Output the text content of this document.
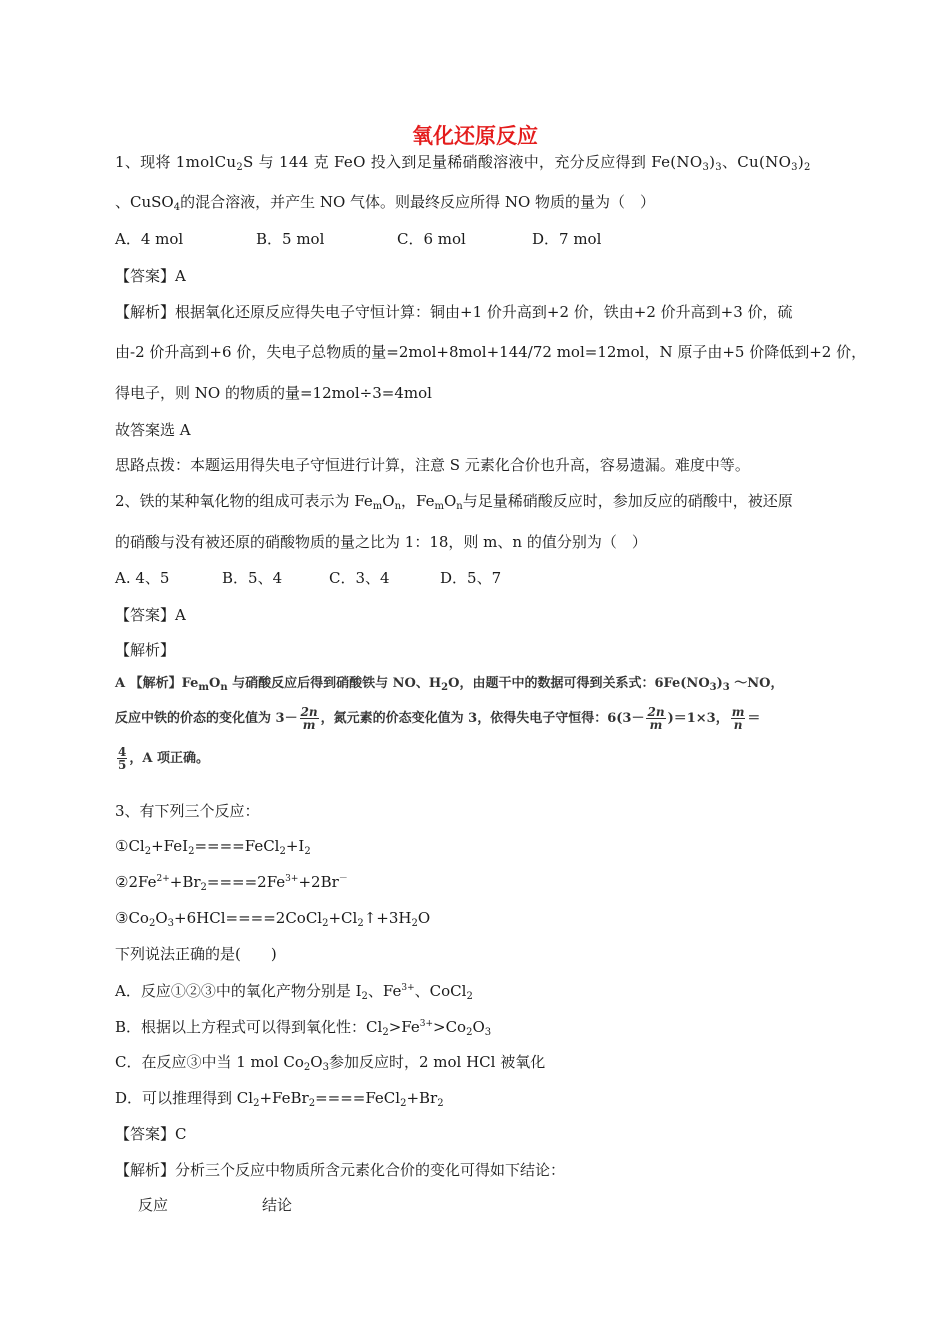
氧化还原反应
1、现将 1molCu$_2$S 与 144 克 FeO 投入到足量稀硝酸溶液中，充分反应得到 $Fe(NO_3)_3$、$Cu(NO_3)_2$
、CuSO$_4$的混合溶液，并产生 NO 气体。则最终反应所得 NO 物质的量为（　）
A．4 mol	B．5 mol	C．6 mol	D．7 mol
【答案】A
【解析】根据氧化还原反应得失电子守恒计算：铜由+1 价升高到+2 价，铁由+2 价升高到+3 价，硫
由-2 价升高到+6 价，失电子总物质的量=2mol+8mol+144/72 mol=12mol，N 原子由+5 价降低到+2 价，
得电子，则 NO 的物质的量=12mol÷3=4mol
故答案选 A
思路点拨：本题运用得失电子守恒进行计算，注意 S 元素化合价也升高，容易遗漏。难度中等。
2、铁的某种氧化物的组成可表示为 $Fe_mO_n$，$Fe_mO_n$与足量稀硝酸反应时，参加反应的硝酸中，被还原
的硝酸与没有被还原的硝酸物质的量之比为 1：18，则 m、n 的值分别为（　）
A. 4、5	B．5、4	C．3、4	D．5、7
【答案】A
【解析】
A 【解析】$Fe_mO_n$ 与硝酸反应后得到硝酸铁与 NO、$H_2O$，由题干中的数据可得到关系式：$6Fe(NO_3)_3$ ～NO，
反应中铁的价态的变化值为 $3- \frac{2n}{m}$ ，氮元素的价态变化值为 3，依得失电子守恒得：$6(3- \frac{2n}{m} )=1\times 3$， $\frac{m}{n}$ ＝
$\frac{4}{5}$ ，A 项正确。
3、有下列三个反应：
$①Cl_2+FeI_2====FeCl_2+I_2$
$②2Fe^{2+}+Br_2====2Fe^{3+}+2Br^-$
$③Co_2O_3+6HCl====2CoCl_2+Cl_2↑+3H_2O$
下列说法正确的是(　　)
A．反应①②③中的氧化产物分别是 $I_2$、$Fe^{3+}$、CoCl$_2$
B．根据以上方程式可以得到氧化性：$Cl_2>Fe^{3+}>Co_2O_3$
C．在反应③中当 1 mol $Co_2O_3$参加反应时，2 mol HCl 被氧化
D．可以推理得到 $Cl_2+FeBr_2====FeCl_2+Br_2$
【答案】C
【解析】分析三个反应中物质所含元素化合价的变化可得如下结论：
反应	结论
